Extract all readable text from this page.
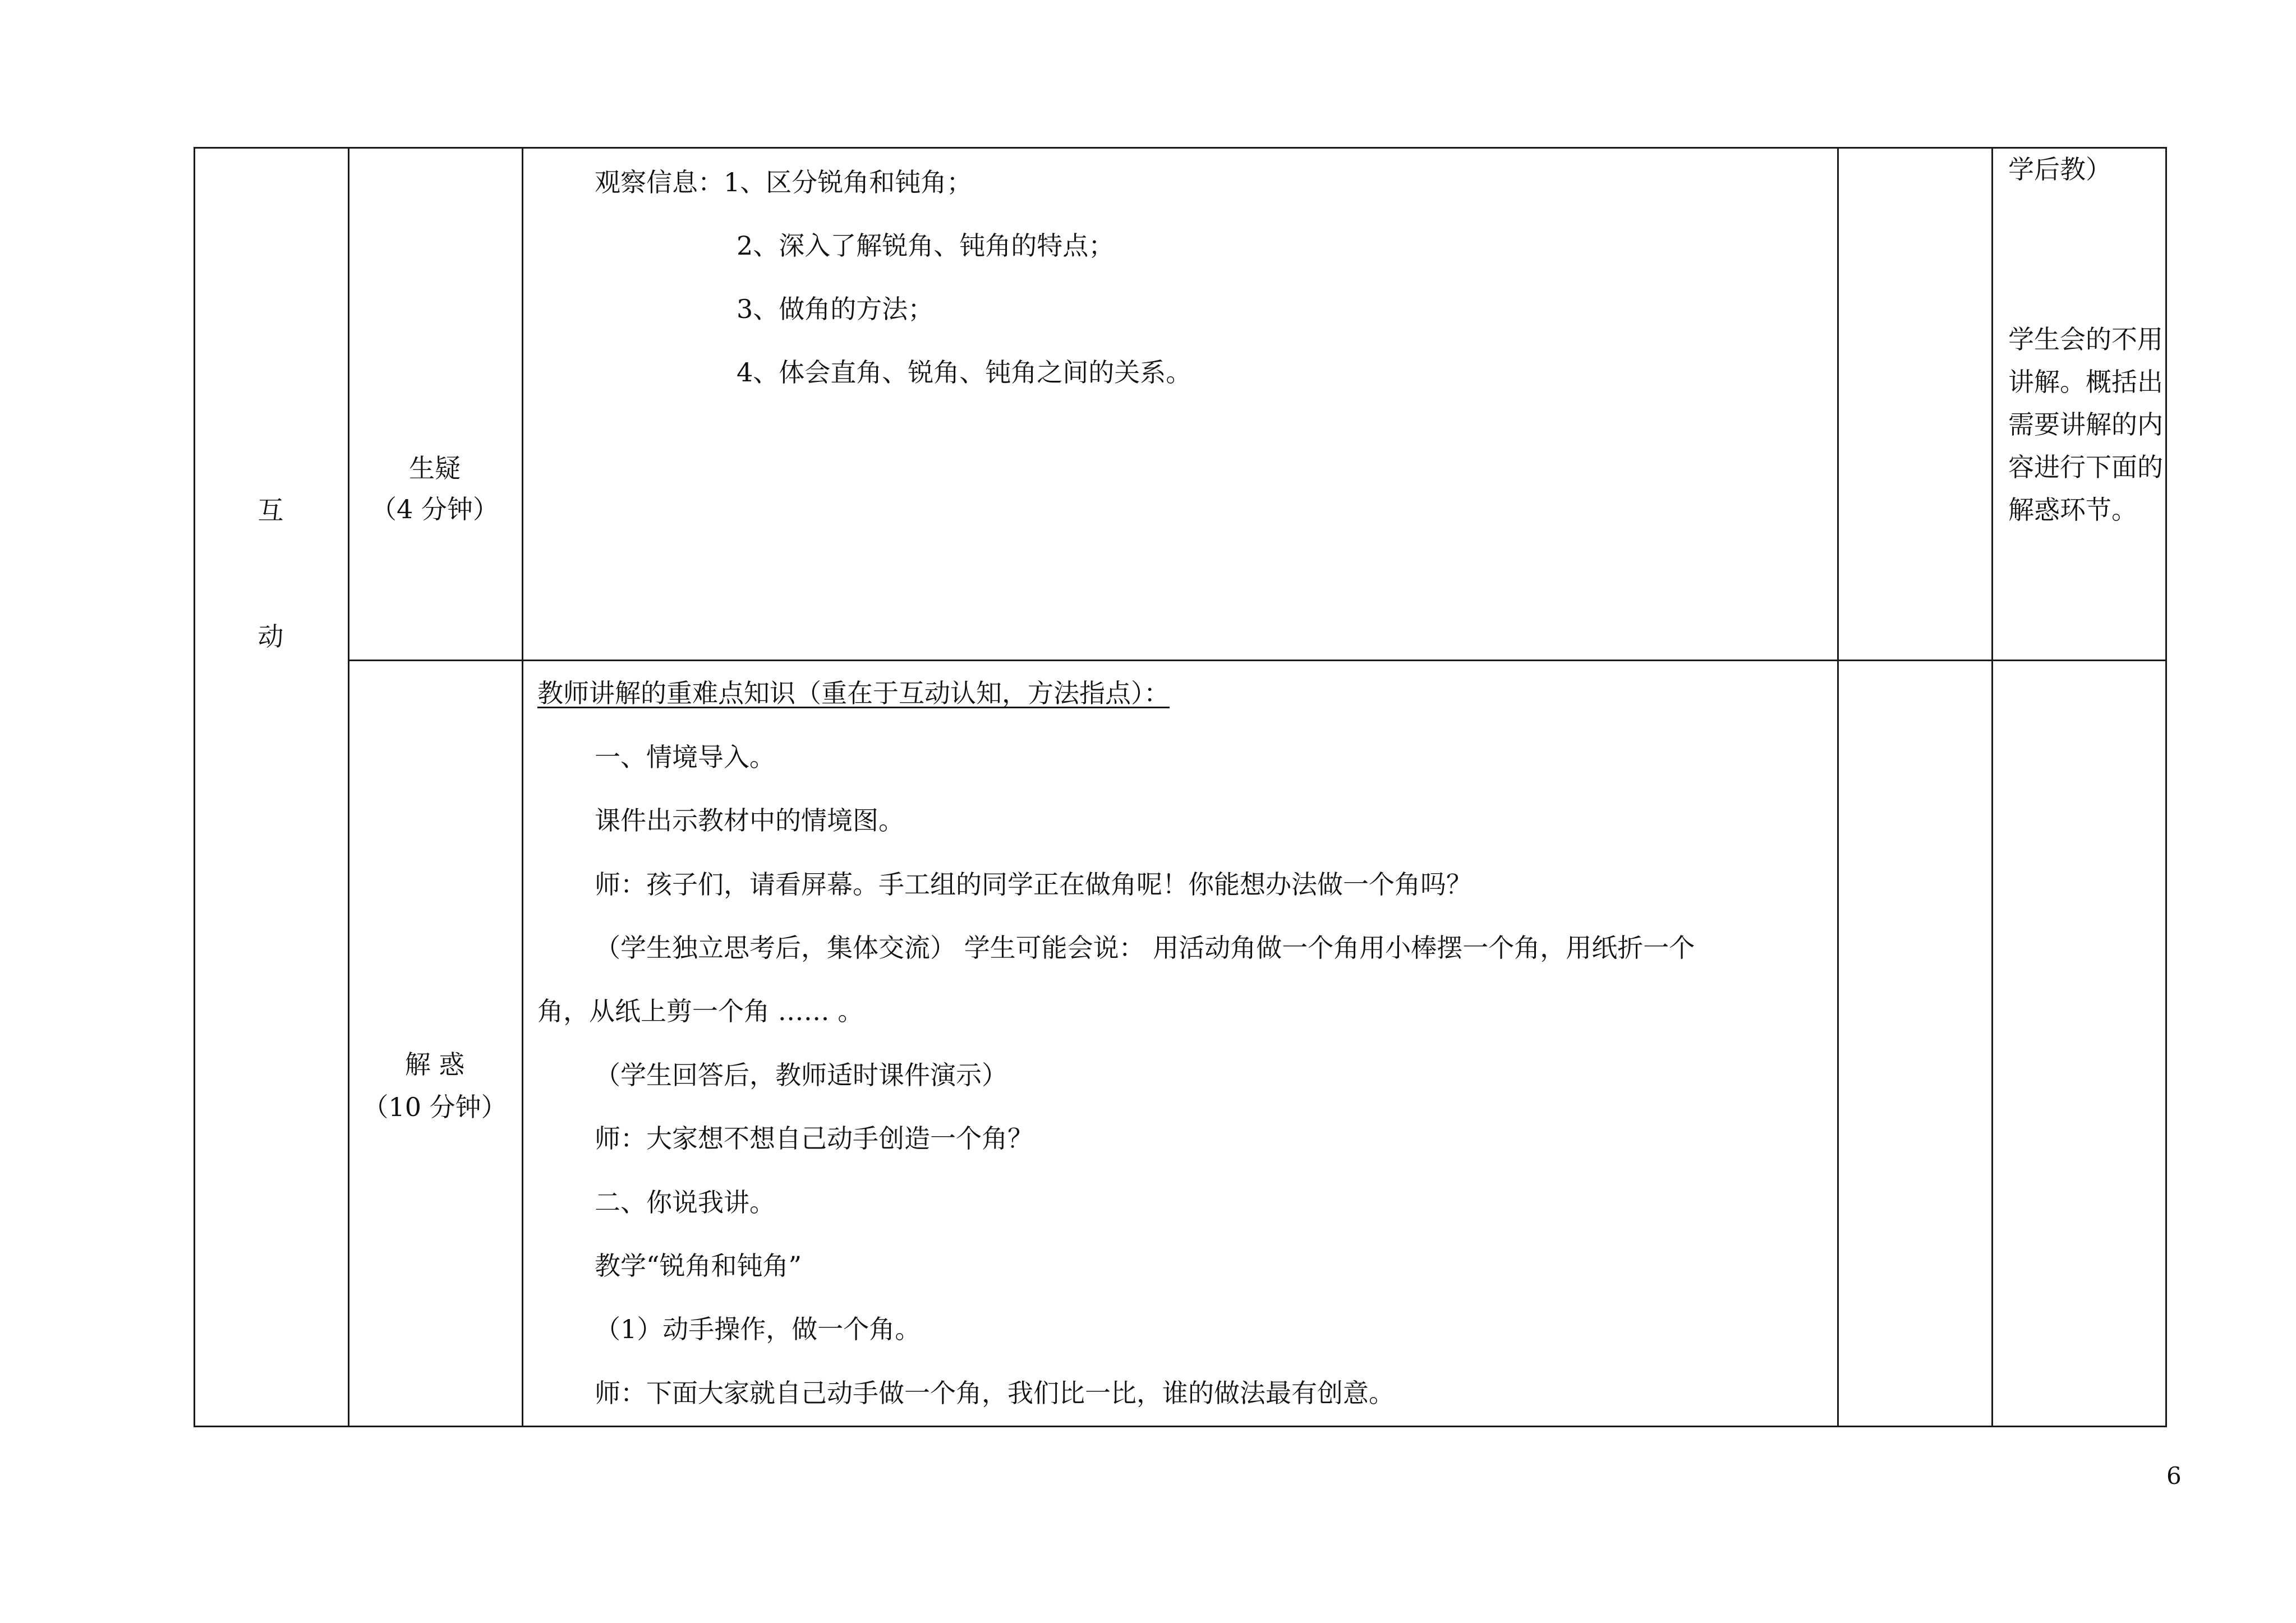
互
动
生疑
（4 分钟）
观察信息：1、区分锐角和钝角；
2、深入了解锐角、钝角的特点；
3、做角的方法；
4、体会直角、锐角、钝角之间的关系。
学后教）
学生会的不用讲解。概括出需要讲解的内容进行下面的解惑环节。
解 惑
（10 分钟）
教师讲解的重难点知识（重在于互动认知，方法指点）：
一、情境导入。
课件出示教材中的情境图。
师：孩子们，请看屏幕。手工组的同学正在做角呢！你能想办法做一个角吗？
（学生独立思考后，集体交流） 学生可能会说： 用活动角做一个角用小棒摆一个角，用纸折一个
角，从纸上剪一个角 …… 。
（学生回答后，教师适时课件演示）
师：大家想不想自己动手创造一个角？
二、你说我讲。
教学“锐角和钝角”
（1）动手操作，做一个角。
师：下面大家就自己动手做一个角，我们比一比，谁的做法最有创意。
6
